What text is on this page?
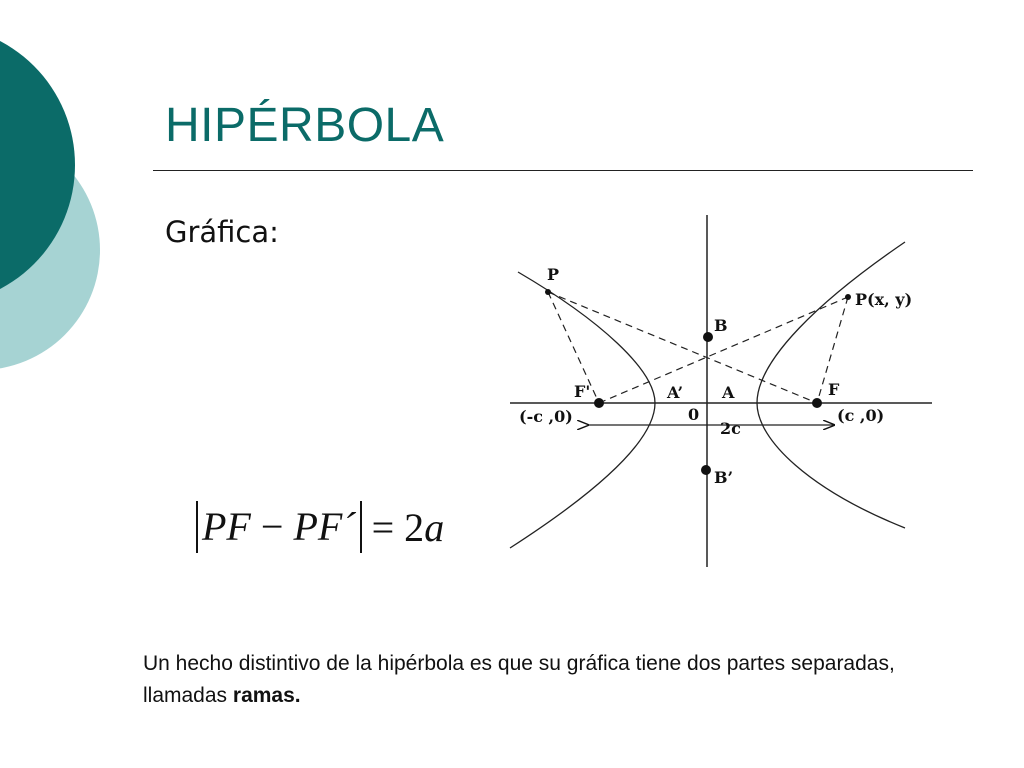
HIPÉRBOLA
Gráfica:
P
P(x, y)
B
F'	A’ A	F
(-c ,0)	0
2c
(c ,0)
B’
PF − PF´ = 2 a
Un hecho distintivo de la hipérbola es que su gráfica tiene dos partes separadas, llamadas ramas.
